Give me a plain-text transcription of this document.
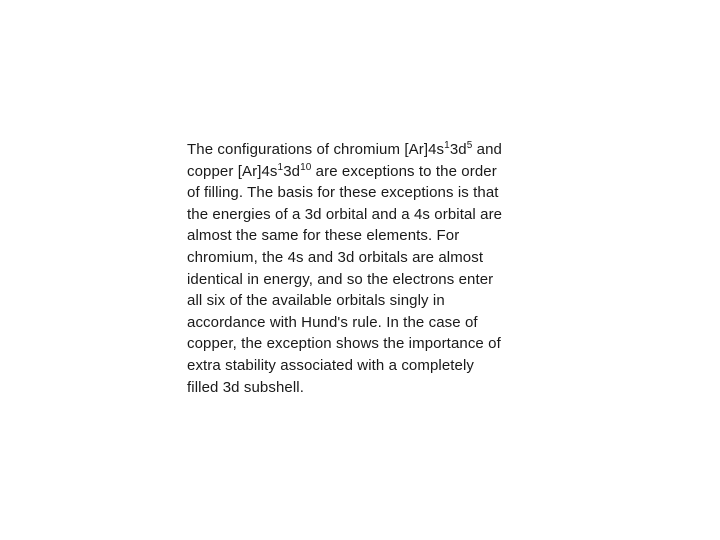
The configurations of chromium $[Ar]4s^13d^5$ and
copper $[Ar]4s^13d^{10}$ are exceptions to the order
of filling. The basis for these exceptions is that
the energies of a 3d orbital and a 4s orbital are
almost the same for these elements. For
chromium, the 4s and 3d orbitals are almost
identical in energy, and so the electrons enter
all six of the available orbitals singly in
accordance with Hund's rule. In the case of
copper, the exception shows the importance of
extra stability associated with a completely
filled 3d subshell.
